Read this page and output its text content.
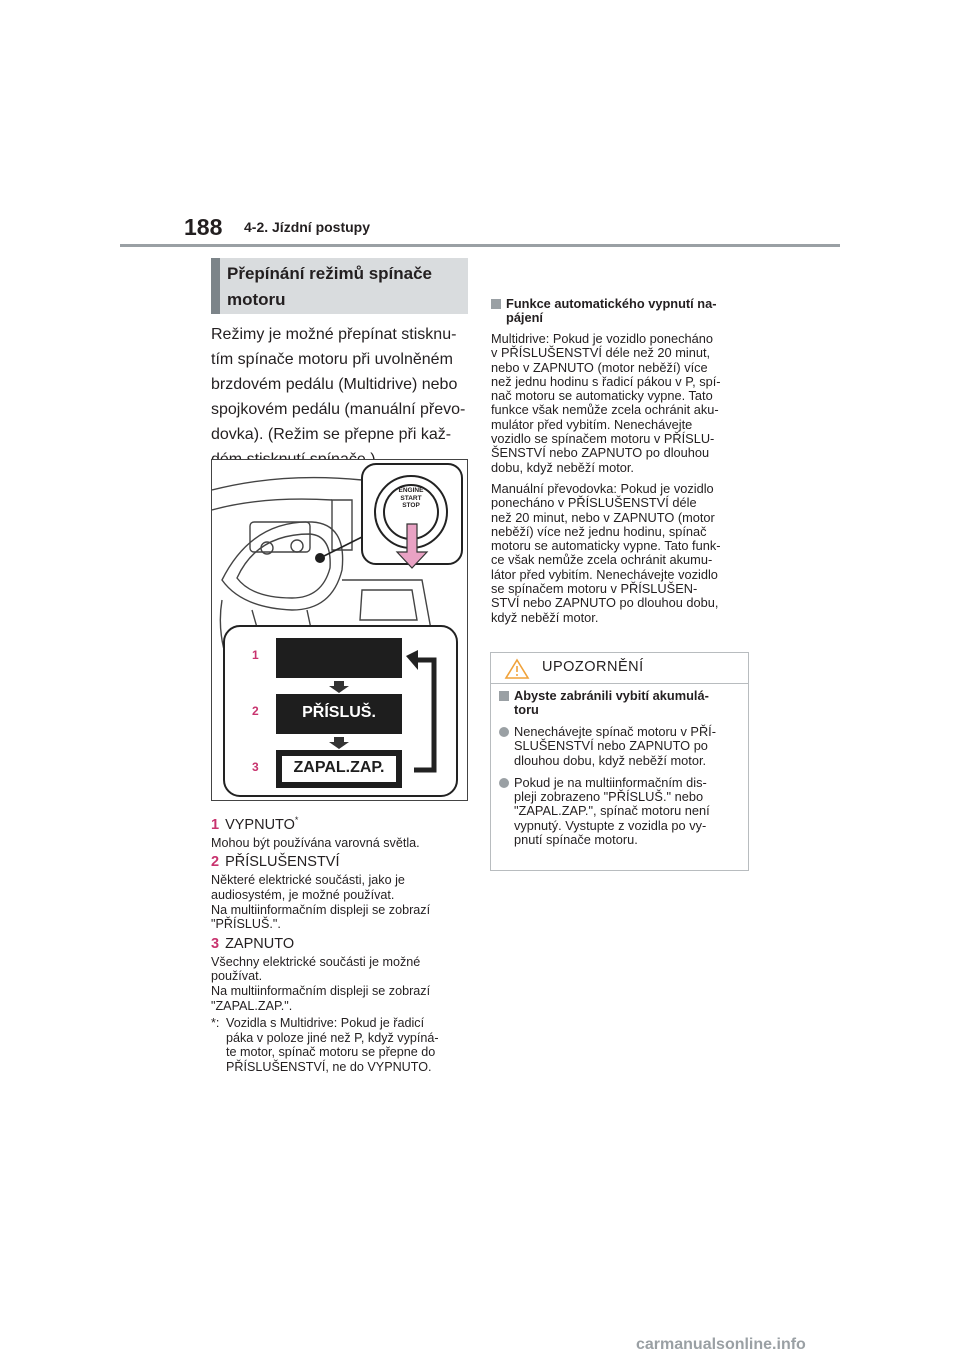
188 4-2. Jízdní postupy
Přepínání režimů spínače
motoru
Režimy je možné přepínat stisknu-
tím spínače motoru při uvolněném
brzdovém pedálu (Multidrive) nebo
spojkovém pedálu (manuální převo-
dovka). (Režim se přepne při kaž-
ENGINE
START
STOP
1
2
3
PŘÍSLUŠ.
ZAPAL.ZAP.
1 VYPNUTO*
Mohou být používána varovná světla.
2 PŘÍSLUŠENSTVÍ
Některé elektrické součásti, jako je
audiosystém, je možné používat.
Na multiinformačním displeji se zobrazí
"PŘÍSLUŠ.".
3 ZAPNUTO
Všechny elektrické součásti je možné
používat.
Na multiinformačním displeji se zobrazí
"ZAPAL.ZAP.".
*: Vozidla s Multidrive: Pokud je řadicí
páka v poloze jiné než P, když vypíná-
te motor, spínač motoru se přepne do
PŘÍSLUŠENSTVÍ, ne do VYPNUTO.
Funkce automatického vypnutí na-
pájení
Multidrive: Pokud je vozidlo ponecháno
v PŘÍSLUŠENSTVÍ déle než 20 minut,
nebo v ZAPNUTO (motor neběží) více
než jednu hodinu s řadicí pákou v P, spí-
nač motoru se automaticky vypne. Tato
funkce však nemůže zcela ochránit aku-
mulátor před vybitím. Nenechávejte
vozidlo se spínačem motoru v PŘÍSLU-
ŠENSTVÍ nebo ZAPNUTO po dlouhou
dobu, když neběží motor.
Manuální převodovka: Pokud je vozidlo
ponecháno v PŘÍSLUŠENSTVÍ déle
než 20 minut, nebo v ZAPNUTO (motor
neběží) více než jednu hodinu, spínač
motoru se automaticky vypne. Tato funk-
ce však nemůže zcela ochránit akumu-
látor před vybitím. Nenechávejte vozidlo
se spínačem motoru v PŘÍSLUŠEN-
STVÍ nebo ZAPNUTO po dlouhou dobu,
když neběží motor.
UPOZORNĚNÍ
Abyste zabránili vybití akumulá-
toru
Nenechávejte spínač motoru v PŘÍ-
SLUŠENSTVÍ nebo ZAPNUTO po
dlouhou dobu, když neběží motor.
Pokud je na multiinformačním dis-
pleji zobrazeno "PŘÍSLUŠ." nebo
"ZAPAL.ZAP.", spínač motoru není
vypnutý. Vystupte z vozidla po vy-
pnutí spínače motoru.
carmanualsonline.info
